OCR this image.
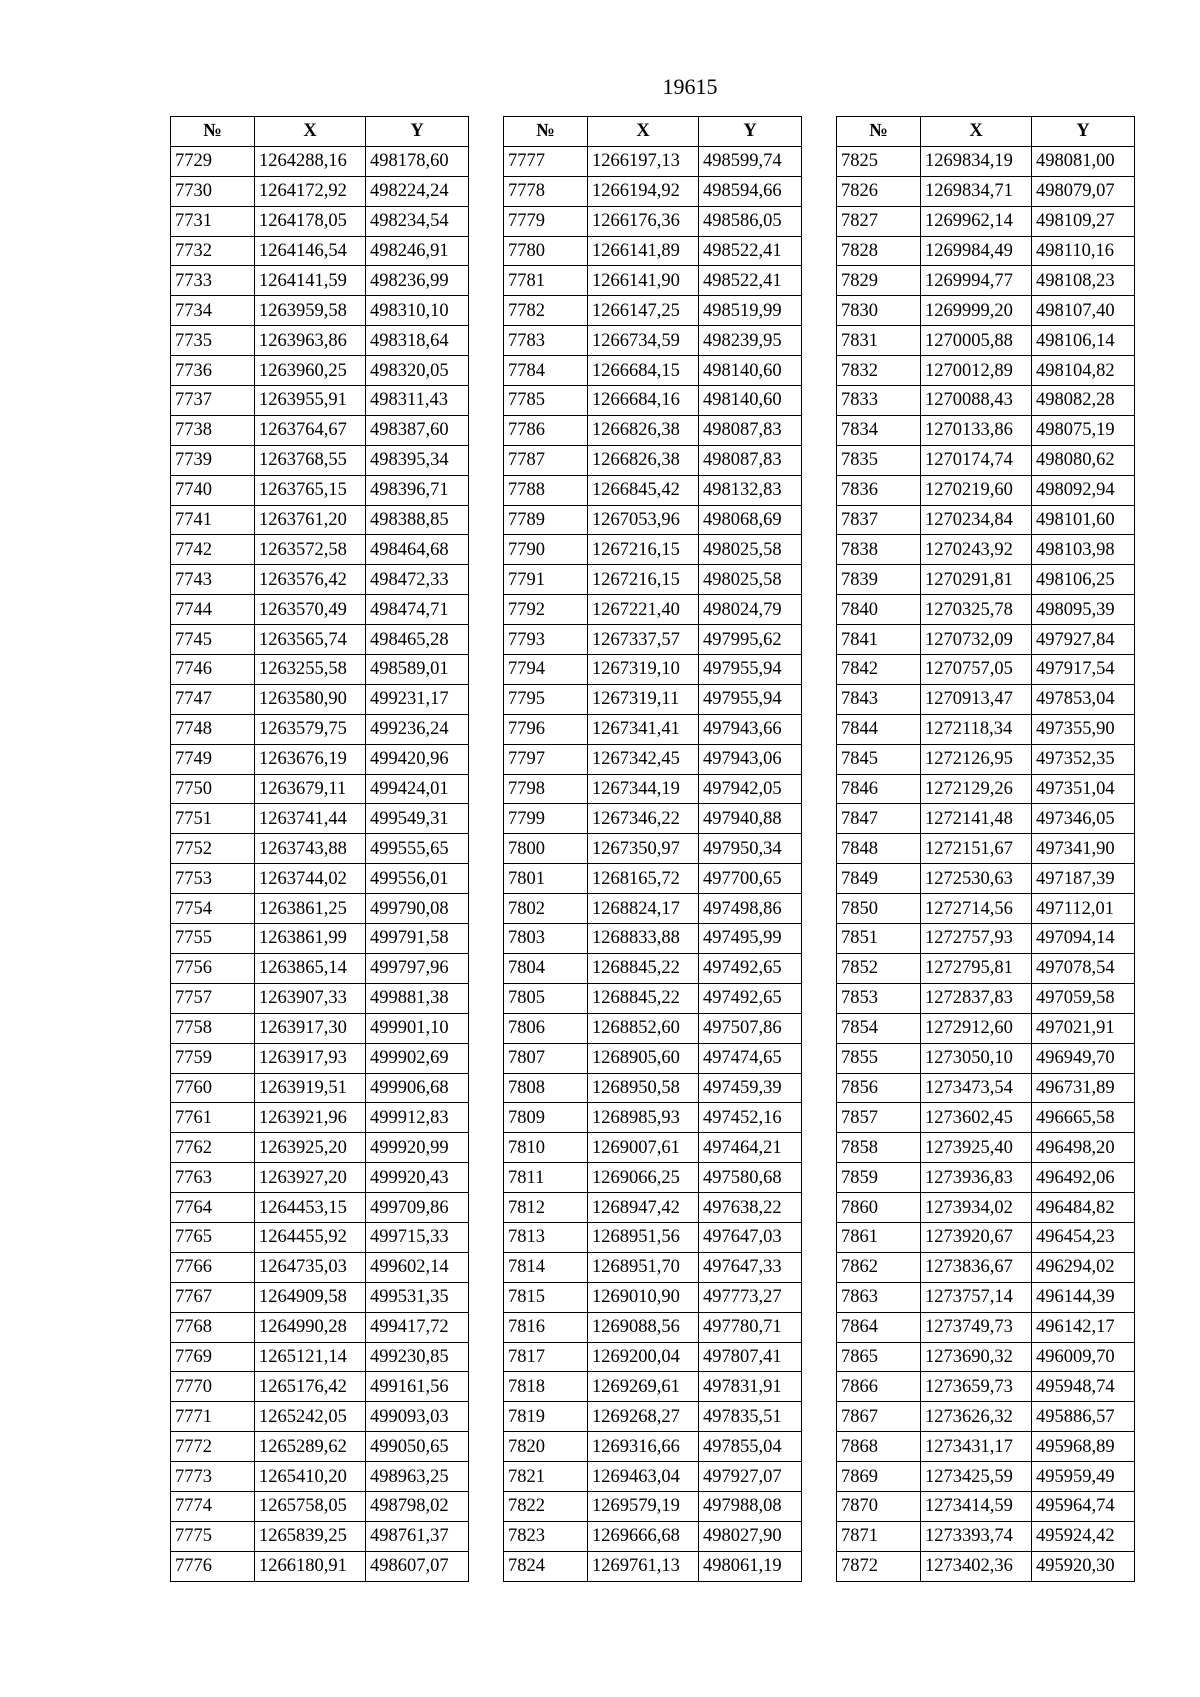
19615
№	X	Y
7729	1264288,16	498178,60
7730	1264172,92	498224,24
7731	1264178,05	498234,54
7732	1264146,54	498246,91
7733	1264141,59	498236,99
7734	1263959,58	498310,10
7735	1263963,86	498318,64
7736	1263960,25	498320,05
7737	1263955,91	498311,43
7738	1263764,67	498387,60
7739	1263768,55	498395,34
7740	1263765,15	498396,71
7741	1263761,20	498388,85
7742	1263572,58	498464,68
7743	1263576,42	498472,33
7744	1263570,49	498474,71
7745	1263565,74	498465,28
7746	1263255,58	498589,01
7747	1263580,90	499231,17
7748	1263579,75	499236,24
7749	1263676,19	499420,96
7750	1263679,11	499424,01
7751	1263741,44	499549,31
7752	1263743,88	499555,65
7753	1263744,02	499556,01
7754	1263861,25	499790,08
7755	1263861,99	499791,58
7756	1263865,14	499797,96
7757	1263907,33	499881,38
7758	1263917,30	499901,10
7759	1263917,93	499902,69
7760	1263919,51	499906,68
7761	1263921,96	499912,83
7762	1263925,20	499920,99
7763	1263927,20	499920,43
7764	1264453,15	499709,86
7765	1264455,92	499715,33
7766	1264735,03	499602,14
7767	1264909,58	499531,35
7768	1264990,28	499417,72
7769	1265121,14	499230,85
7770	1265176,42	499161,56
7771	1265242,05	499093,03
7772	1265289,62	499050,65
7773	1265410,20	498963,25
7774	1265758,05	498798,02
7775	1265839,25	498761,37
7776	1266180,91	498607,07
№	X	Y
7777	1266197,13	498599,74
7778	1266194,92	498594,66
7779	1266176,36	498586,05
7780	1266141,89	498522,41
7781	1266141,90	498522,41
7782	1266147,25	498519,99
7783	1266734,59	498239,95
7784	1266684,15	498140,60
7785	1266684,16	498140,60
7786	1266826,38	498087,83
7787	1266826,38	498087,83
7788	1266845,42	498132,83
7789	1267053,96	498068,69
7790	1267216,15	498025,58
7791	1267216,15	498025,58
7792	1267221,40	498024,79
7793	1267337,57	497995,62
7794	1267319,10	497955,94
7795	1267319,11	497955,94
7796	1267341,41	497943,66
7797	1267342,45	497943,06
7798	1267344,19	497942,05
7799	1267346,22	497940,88
7800	1267350,97	497950,34
7801	1268165,72	497700,65
7802	1268824,17	497498,86
7803	1268833,88	497495,99
7804	1268845,22	497492,65
7805	1268845,22	497492,65
7806	1268852,60	497507,86
7807	1268905,60	497474,65
7808	1268950,58	497459,39
7809	1268985,93	497452,16
7810	1269007,61	497464,21
7811	1269066,25	497580,68
7812	1268947,42	497638,22
7813	1268951,56	497647,03
7814	1268951,70	497647,33
7815	1269010,90	497773,27
7816	1269088,56	497780,71
7817	1269200,04	497807,41
7818	1269269,61	497831,91
7819	1269268,27	497835,51
7820	1269316,66	497855,04
7821	1269463,04	497927,07
7822	1269579,19	497988,08
7823	1269666,68	498027,90
7824	1269761,13	498061,19
№	X	Y
7825	1269834,19	498081,00
7826	1269834,71	498079,07
7827	1269962,14	498109,27
7828	1269984,49	498110,16
7829	1269994,77	498108,23
7830	1269999,20	498107,40
7831	1270005,88	498106,14
7832	1270012,89	498104,82
7833	1270088,43	498082,28
7834	1270133,86	498075,19
7835	1270174,74	498080,62
7836	1270219,60	498092,94
7837	1270234,84	498101,60
7838	1270243,92	498103,98
7839	1270291,81	498106,25
7840	1270325,78	498095,39
7841	1270732,09	497927,84
7842	1270757,05	497917,54
7843	1270913,47	497853,04
7844	1272118,34	497355,90
7845	1272126,95	497352,35
7846	1272129,26	497351,04
7847	1272141,48	497346,05
7848	1272151,67	497341,90
7849	1272530,63	497187,39
7850	1272714,56	497112,01
7851	1272757,93	497094,14
7852	1272795,81	497078,54
7853	1272837,83	497059,58
7854	1272912,60	497021,91
7855	1273050,10	496949,70
7856	1273473,54	496731,89
7857	1273602,45	496665,58
7858	1273925,40	496498,20
7859	1273936,83	496492,06
7860	1273934,02	496484,82
7861	1273920,67	496454,23
7862	1273836,67	496294,02
7863	1273757,14	496144,39
7864	1273749,73	496142,17
7865	1273690,32	496009,70
7866	1273659,73	495948,74
7867	1273626,32	495886,57
7868	1273431,17	495968,89
7869	1273425,59	495959,49
7870	1273414,59	495964,74
7871	1273393,74	495924,42
7872	1273402,36	495920,30
